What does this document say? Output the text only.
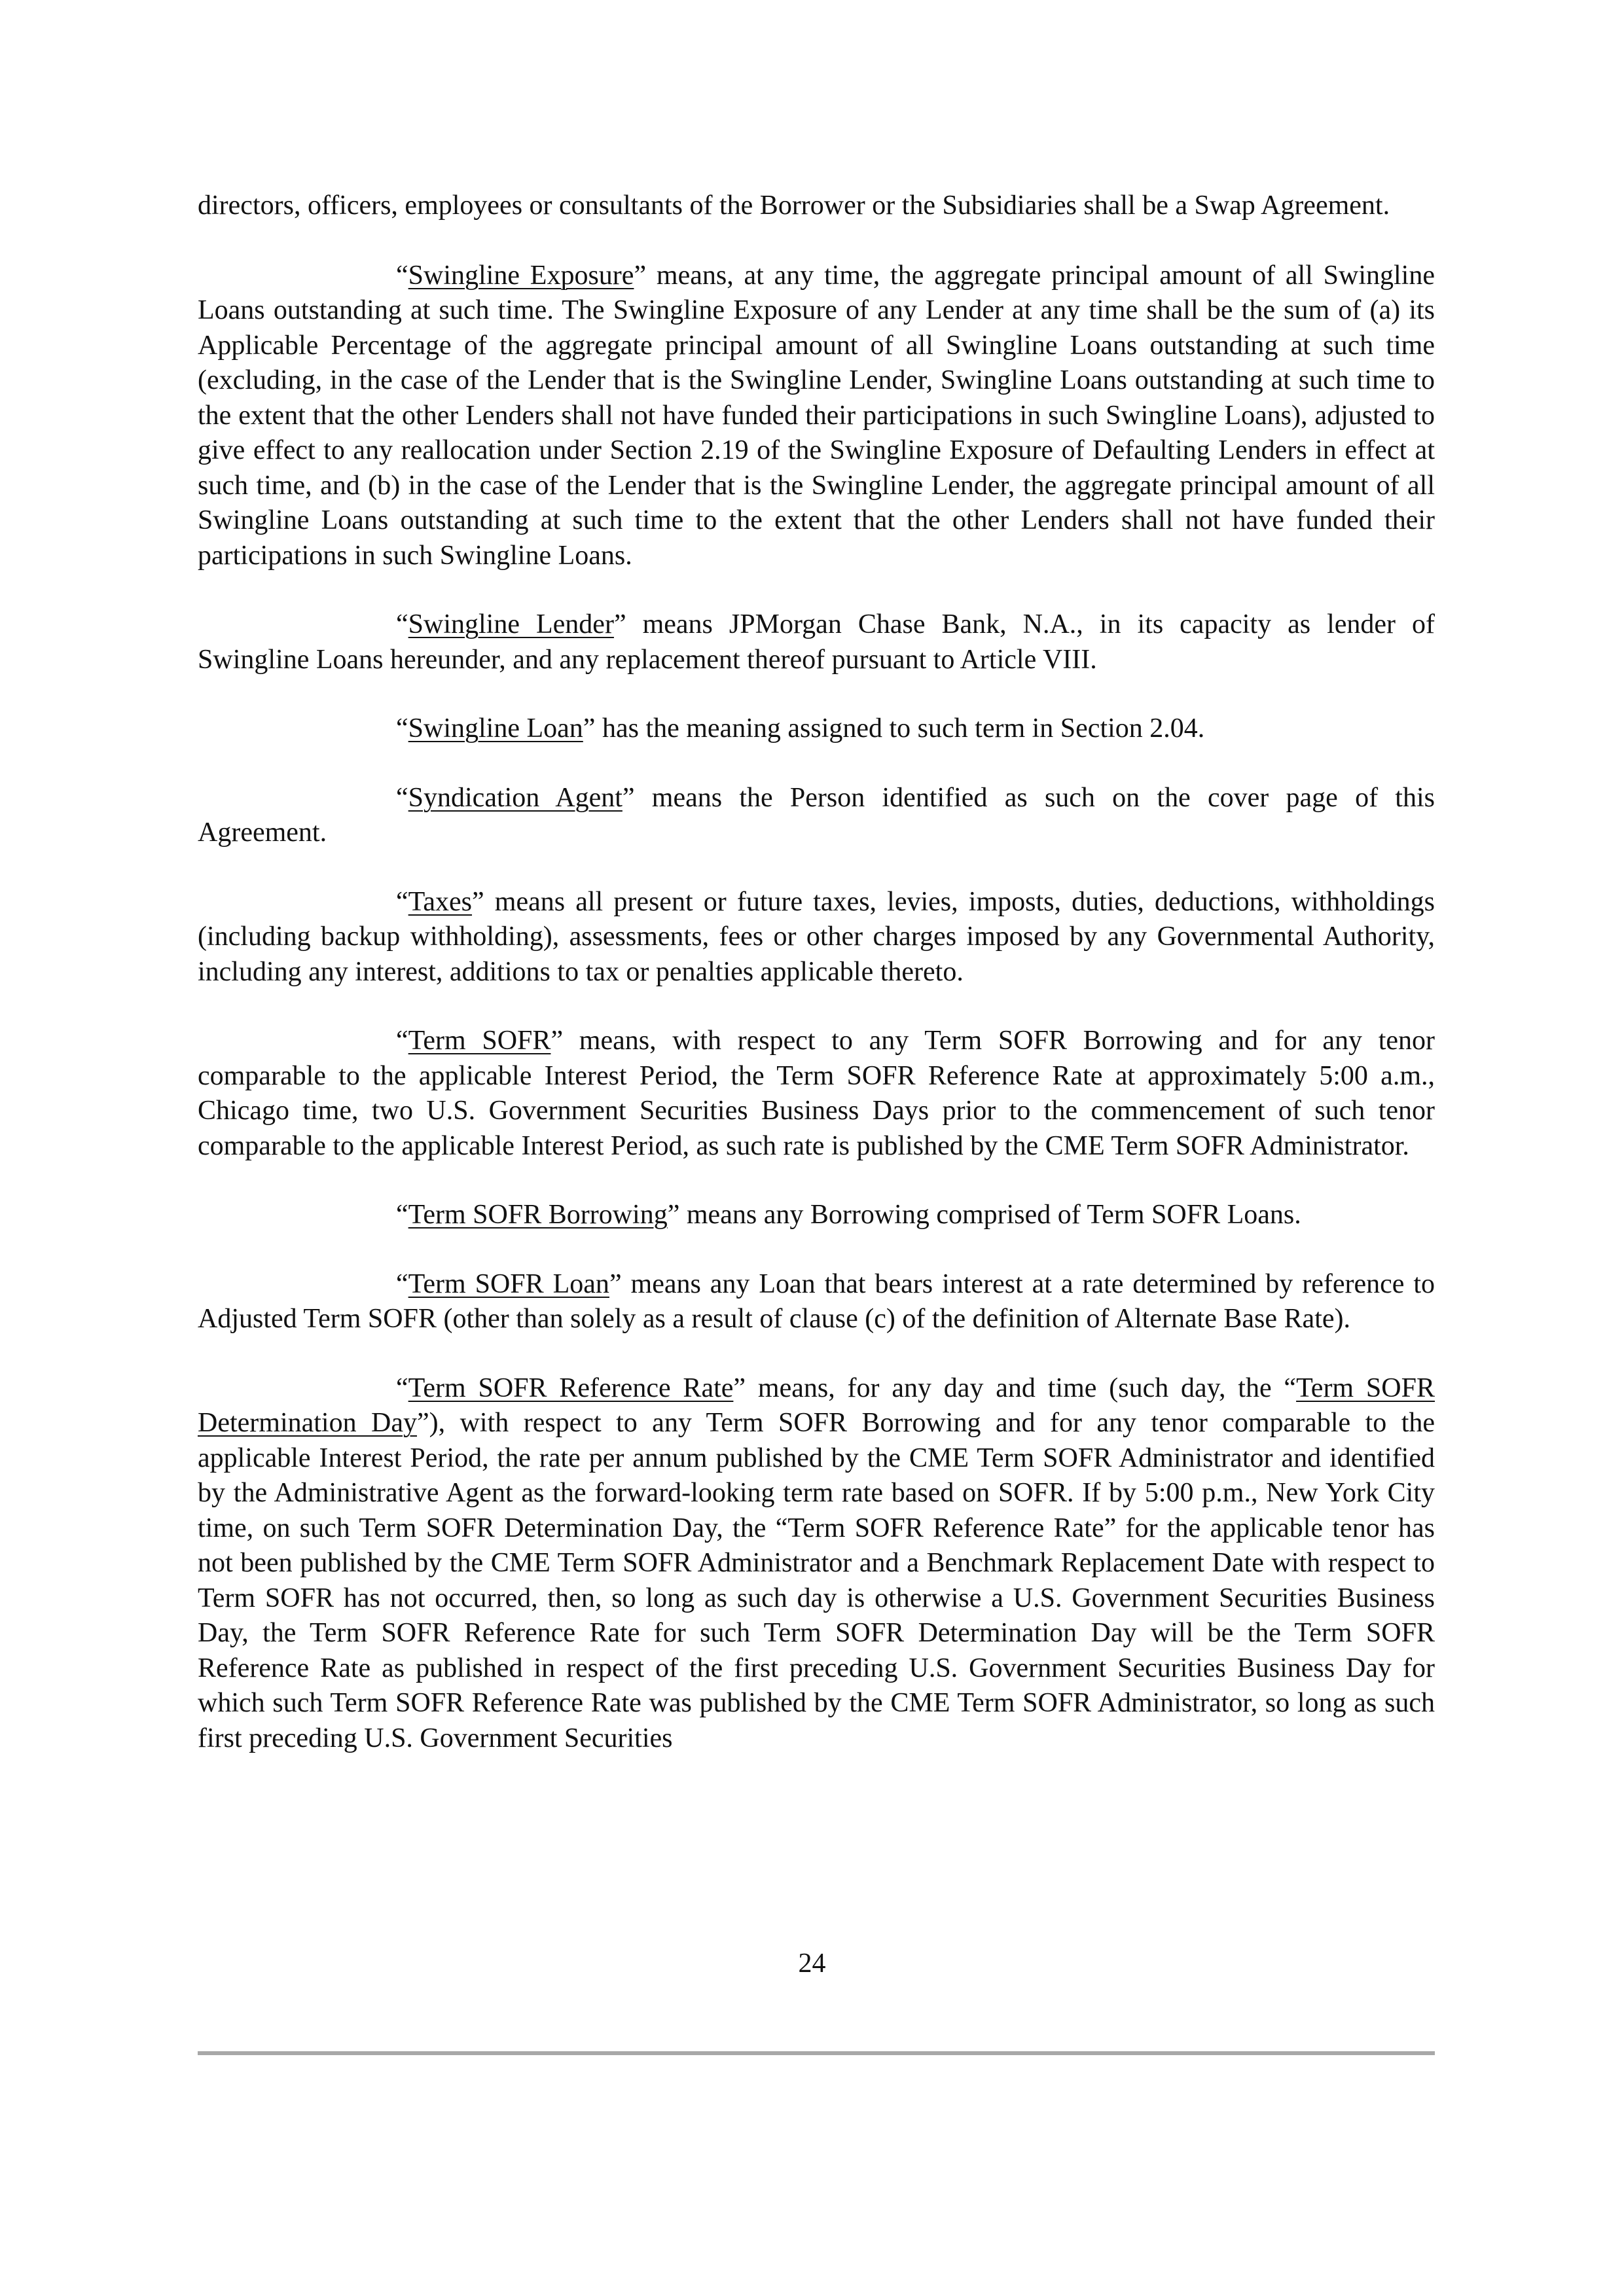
directors, officers, employees or consultants of the Borrower or the Subsidiaries shall be a Swap Agreement.

“Swingline Exposure” means, at any time, the aggregate principal amount of all Swingline Loans outstanding at such time. The Swingline Exposure of any Lender at any time shall be the sum of (a) its Applicable Percentage of the aggregate principal amount of all Swingline Loans outstanding at such time (excluding, in the case of the Lender that is the Swingline Lender, Swingline Loans outstanding at such time to the extent that the other Lenders shall not have funded their participations in such Swingline Loans), adjusted to give effect to any reallocation under Section 2.19 of the Swingline Exposure of Defaulting Lenders in effect at such time, and (b) in the case of the Lender that is the Swingline Lender, the aggregate principal amount of all Swingline Loans outstanding at such time to the extent that the other Lenders shall not have funded their participations in such Swingline Loans.

“Swingline Lender” means JPMorgan Chase Bank, N.A., in its capacity as lender of Swingline Loans hereunder, and any replacement thereof pursuant to Article VIII.

“Swingline Loan” has the meaning assigned to such term in Section 2.04.

“Syndication Agent” means the Person identified as such on the cover page of this
Agreement.

“Taxes” means all present or future taxes, levies, imposts, duties, deductions, withholdings (including backup withholding), assessments, fees or other charges imposed by any Governmental Authority, including any interest, additions to tax or penalties applicable thereto.

“Term SOFR” means, with respect to any Term SOFR Borrowing and for any tenor comparable to the applicable Interest Period, the Term SOFR Reference Rate at approximately 5:00 a.m., Chicago time, two U.S. Government Securities Business Days prior to the commencement of such tenor comparable to the applicable Interest Period, as such rate is published by the CME Term SOFR Administrator.

“Term SOFR Borrowing” means any Borrowing comprised of Term SOFR Loans.

“Term SOFR Loan” means any Loan that bears interest at a rate determined by reference to Adjusted Term SOFR (other than solely as a result of clause (c) of the definition of Alternate Base Rate).

“Term SOFR Reference Rate” means, for any day and time (such day, the “Term SOFR Determination Day”), with respect to any Term SOFR Borrowing and for any tenor comparable to the applicable Interest Period, the rate per annum published by the CME Term SOFR Administrator and identified by the Administrative Agent as the forward-looking term rate based on SOFR. If by 5:00 p.m., New York City time, on such Term SOFR Determination Day, the “Term SOFR Reference Rate” for the applicable tenor has not been published by the CME Term SOFR Administrator and a Benchmark Replacement Date with respect to Term SOFR has not occurred, then, so long as such day is otherwise a U.S. Government Securities Business Day, the Term SOFR Reference Rate for such Term SOFR Determination Day will be the Term SOFR Reference Rate as published in respect of the first preceding U.S. Government Securities Business Day for which such Term SOFR Reference Rate was published by the CME Term SOFR Administrator, so long as such first preceding U.S. Government Securities

24
